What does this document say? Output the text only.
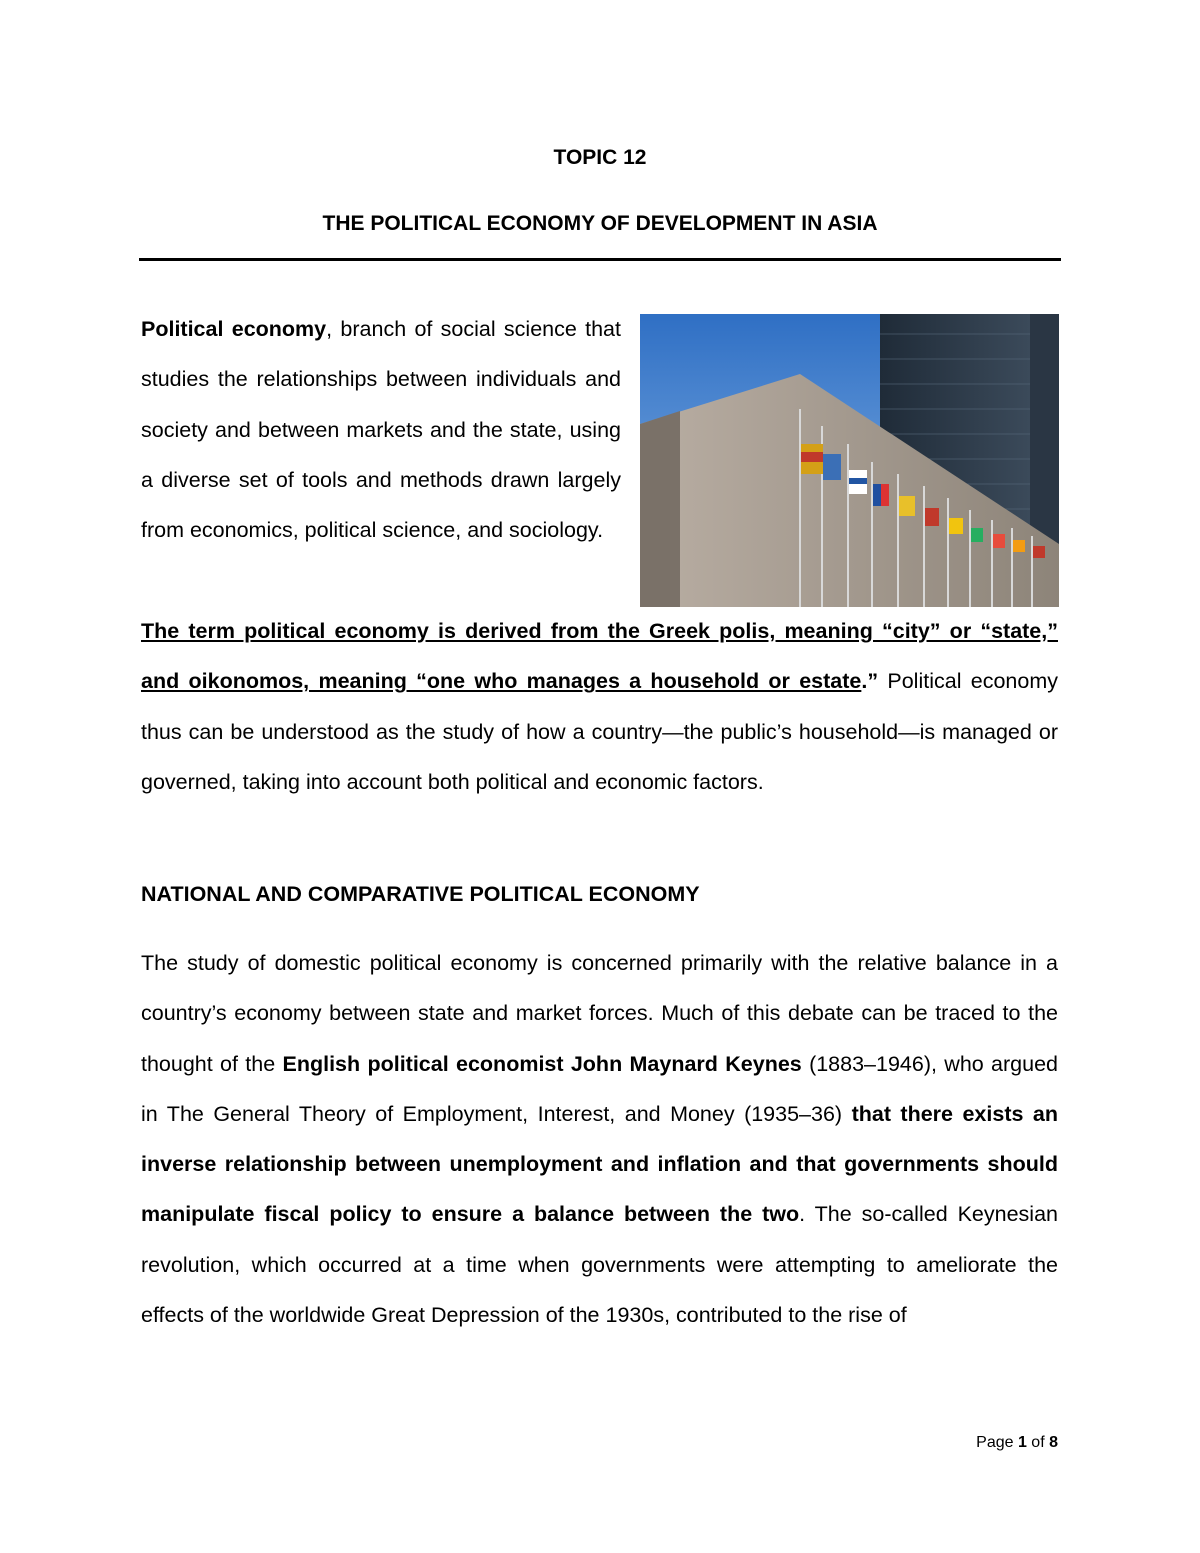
TOPIC 12
THE POLITICAL ECONOMY OF DEVELOPMENT IN ASIA
Political economy, branch of social science that studies the relationships between individuals and society and between markets and the state, using a diverse set of tools and methods drawn largely from economics, political science, and sociology.
The term political economy is derived from the Greek polis, meaning “city” or “state,” and oikonomos, meaning “one who manages a household or estate.” Political economy thus can be understood as the study of how a country—the public’s household—is managed or governed, taking into account both political and economic factors.
NATIONAL AND COMPARATIVE POLITICAL ECONOMY
The study of domestic political economy is concerned primarily with the relative balance in a country’s economy between state and market forces. Much of this debate can be traced to the thought of the English political economist John Maynard Keynes (1883–1946), who argued in The General Theory of Employment, Interest, and Money (1935–36) that there exists an inverse relationship between unemployment and inflation and that governments should manipulate fiscal policy to ensure a balance between the two. The so-called Keynesian revolution, which occurred at a time when governments were attempting to ameliorate the effects of the worldwide Great Depression of the 1930s, contributed to the rise of
Page 1 of 8
